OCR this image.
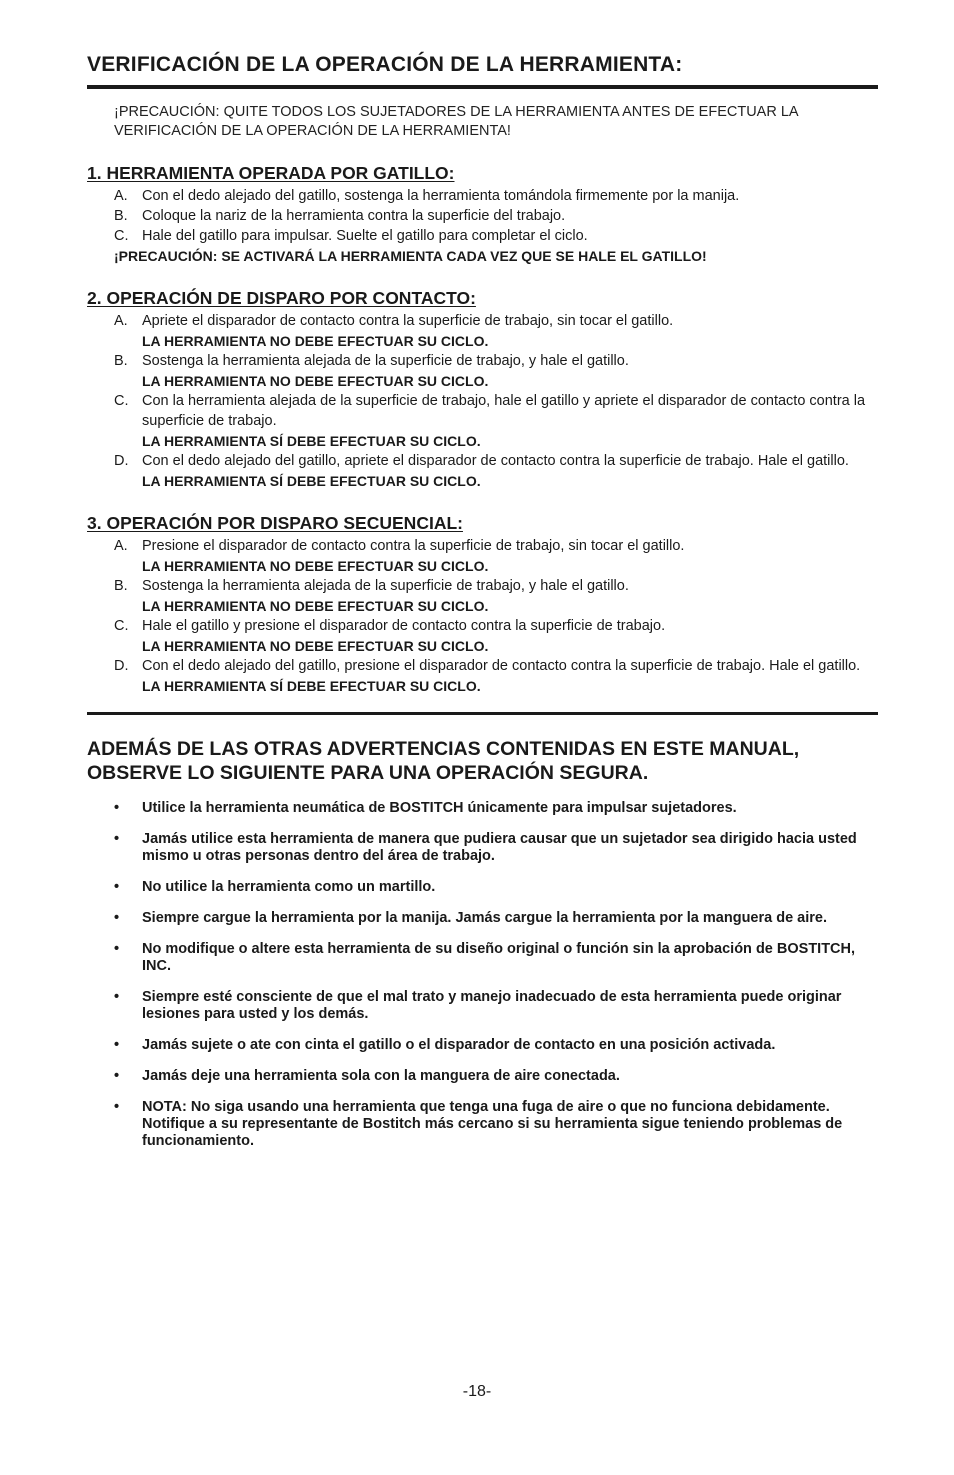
VERIFICACIÓN DE LA OPERACIÓN DE LA HERRAMIENTA:

¡PRECAUCIÓN: QUITE TODOS LOS SUJETADORES DE LA HERRAMIENTA ANTES DE EFECTUAR LA VERIFICACIÓN DE LA OPERACIÓN DE LA HERRAMIENTA!

1. HERRAMIENTA OPERADA POR GATILLO:
A. Con el dedo alejado del gatillo, sostenga la herramienta tomándola firmemente por la manija.
B. Coloque la nariz de la herramienta contra la superficie del trabajo.
C. Hale del gatillo para impulsar. Suelte el gatillo para completar el ciclo.
¡PRECAUCIÓN: SE ACTIVARÁ LA HERRAMIENTA CADA VEZ QUE SE HALE EL GATILLO!
2. OPERACIÓN DE DISPARO POR CONTACTO:
A. Apriete el disparador de contacto contra la superficie de trabajo, sin tocar el gatillo.
LA HERRAMIENTA NO DEBE EFECTUAR SU CICLO.
B. Sostenga la herramienta alejada de la superficie de trabajo, y hale el gatillo.
LA HERRAMIENTA NO DEBE EFECTUAR SU CICLO.
C. Con la herramienta alejada de la superficie de trabajo, hale el gatillo y apriete el disparador de contacto contra la superficie de trabajo.
LA HERRAMIENTA SÍ DEBE EFECTUAR SU CICLO.
D. Con el dedo alejado del gatillo, apriete el disparador de contacto contra la superficie de trabajo. Hale el gatillo.
LA HERRAMIENTA SÍ DEBE EFECTUAR SU CICLO.
3. OPERACIÓN POR DISPARO SECUENCIAL:
A. Presione el disparador de contacto contra la superficie de trabajo, sin tocar el gatillo.
LA HERRAMIENTA NO DEBE EFECTUAR SU CICLO.
B. Sostenga la herramienta alejada de la superficie de trabajo, y hale el gatillo.
LA HERRAMIENTA NO DEBE EFECTUAR SU CICLO.
C. Hale el gatillo y presione el disparador de contacto contra la superficie de trabajo.
LA HERRAMIENTA NO DEBE EFECTUAR SU CICLO.
D. Con el dedo alejado del gatillo, presione el disparador de contacto contra la superficie de trabajo. Hale el gatillo.
LA HERRAMIENTA SÍ DEBE EFECTUAR SU CICLO.
ADEMÁS DE LAS OTRAS ADVERTENCIAS CONTENIDAS EN ESTE MANUAL, OBSERVE LO SIGUIENTE PARA UNA OPERACIÓN SEGURA.
•	Utilice la herramienta neumática de BOSTITCH únicamente para impulsar sujetadores.
•	Jamás utilice esta herramienta de manera que pudiera causar que un sujetador sea dirigido hacia usted mismo u otras personas dentro del área de trabajo.
•	No utilice la herramienta como un martillo.
•	Siempre cargue la herramienta por la manija. Jamás cargue la herramienta por la manguera de aire.
•	No modifique o altere esta herramienta de su diseño original o función sin la aprobación de BOSTITCH, INC.
•	Siempre esté consciente de que el mal trato y manejo inadecuado de esta herramienta puede originar lesiones para usted y los demás.
•	Jamás sujete o ate con cinta el gatillo o el disparador de contacto en una posición activada.
•	Jamás deje una herramienta sola con la manguera de aire conectada.
•	NOTA: No siga usando una herramienta que tenga una fuga de aire o que no funciona debidamente.
Notifique a su representante de Bostitch más cercano si su herramienta sigue teniendo problemas de funcionamiento.
-18-
